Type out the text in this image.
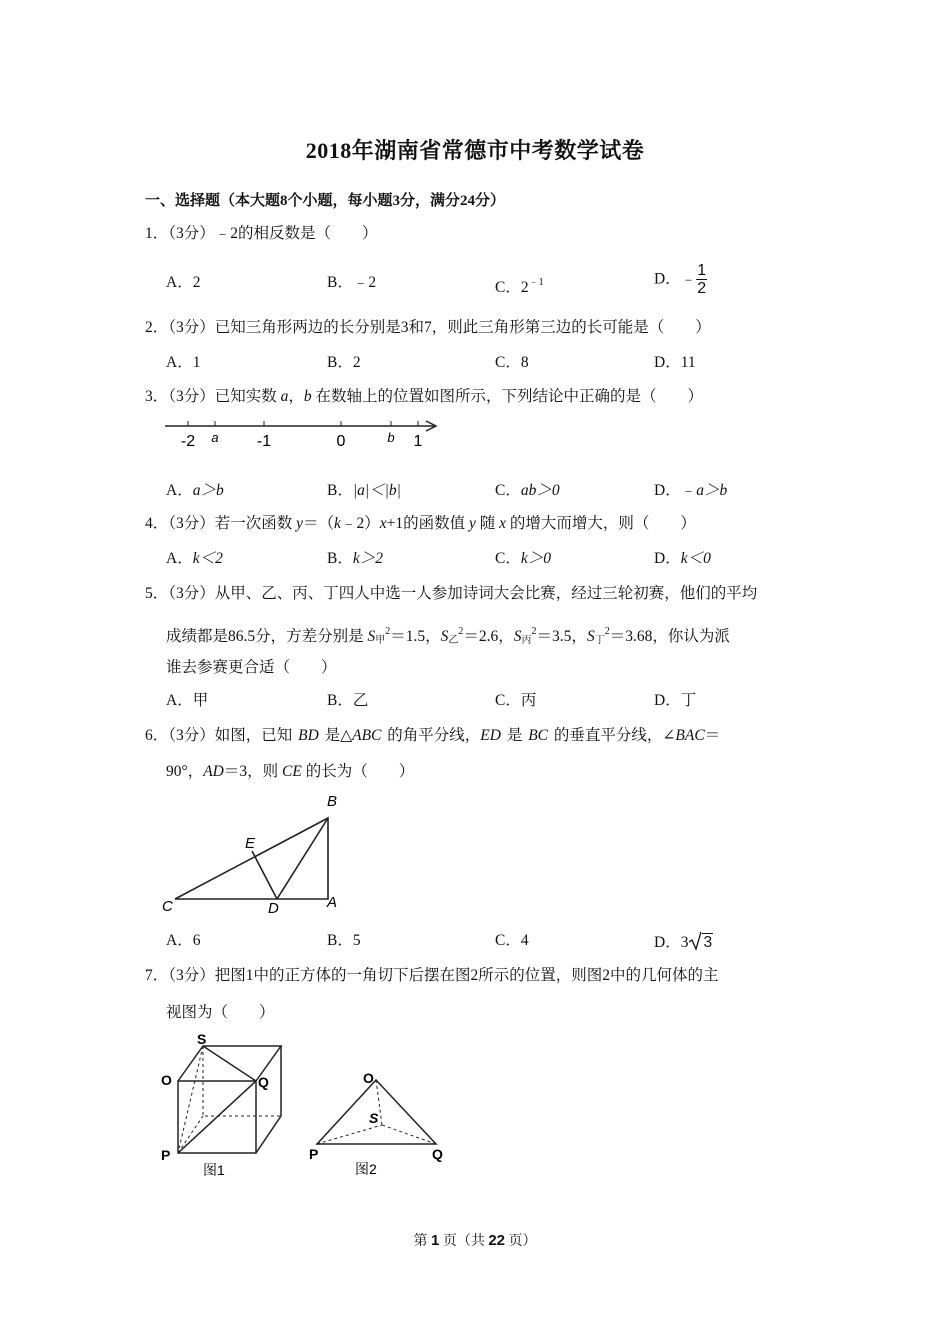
2018年湖南省常德市中考数学试卷
一、选择题（本大题8个小题，每小题3分，满分24分）
1．（3分）﹣2的相反数是（　　）
A．2	B．﹣2	C．$2^{﹣1}$	D．﹣ $\frac{1}{2}$
2．（3分）已知三角形两边的长分别是3和7，则此三角形第三边的长可能是（　　）
A．1	B．2	C．8	D．11
3．（3分）已知实数 a，b 在数轴上的位置如图所示，下列结论中正确的是（　　）
-2 a -1	0	b 1
A．a＞b	B．|a|＜|b|	C．ab＞0	D．﹣a＞b
4．（3分）若一次函数 y＝（k﹣2）x+1的函数值 y 随 x 的增大而增大，则（　　）
A．k＜2	B．k＞2	C．k＞0	D．k＜0
5．（3分）从甲、乙、丙、丁四人中选一人参加诗词大会比赛，经过三轮初赛，他们的平均
成绩都是86.5分，方差分别是 $S_甲^2=1.5$，$S_乙^2=2.6$，$S_丙^2=3.5$，$S_丁^2=3.68$，你认为派
谁去参赛更合适（　　）
A．甲	B．乙	C．丙	D．丁
6．（3分）如图，已知 BD 是△ABC 的角平分线，ED 是 BC 的垂直平分线，∠BAC＝
90°，AD＝3，则 CE 的长为（　　）
B
E
C	D	A
A．6	B．5	C．4	D．3 3
7．（3分）把图1中的正方体的一角切下后摆在图2所示的位置，则图2中的几何体的主
视图为（　　）
S
O	Q
P
图1
O
S
P	Q
图2
第 1 页（共 22 页）
